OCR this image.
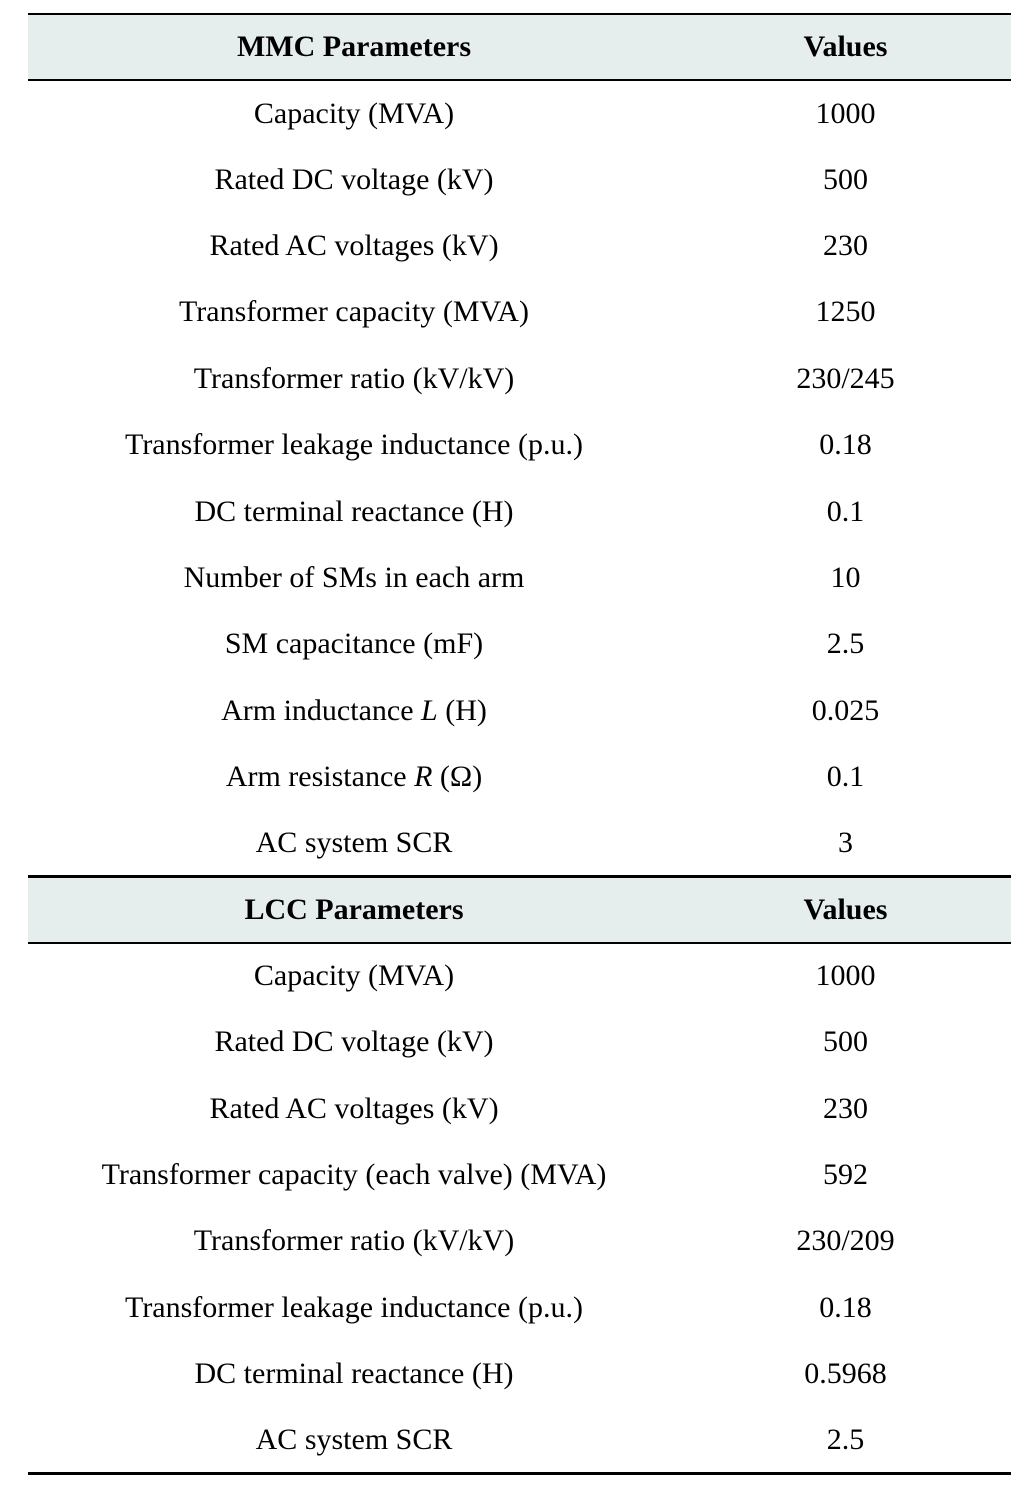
MMC Parameters	Values
Capacity (MVA)	1000
Rated DC voltage (kV)	500
Rated AC voltages (kV)	230
Transformer capacity (MVA)	1250
Transformer ratio (kV/kV)	230/245
Transformer leakage inductance (p.u.)	0.18
DC terminal reactance (H)	0.1
Number of SMs in each arm	10
SM capacitance (mF)	2.5
Arm inductance L (H)	0.025
Arm resistance R (Ω)	0.1
AC system SCR	3
LCC Parameters	Values
Capacity (MVA)	1000
Rated DC voltage (kV)	500
Rated AC voltages (kV)	230
Transformer capacity (each valve) (MVA)	592
Transformer ratio (kV/kV)	230/209
Transformer leakage inductance (p.u.)	0.18
DC terminal reactance (H)	0.5968
AC system SCR	2.5
